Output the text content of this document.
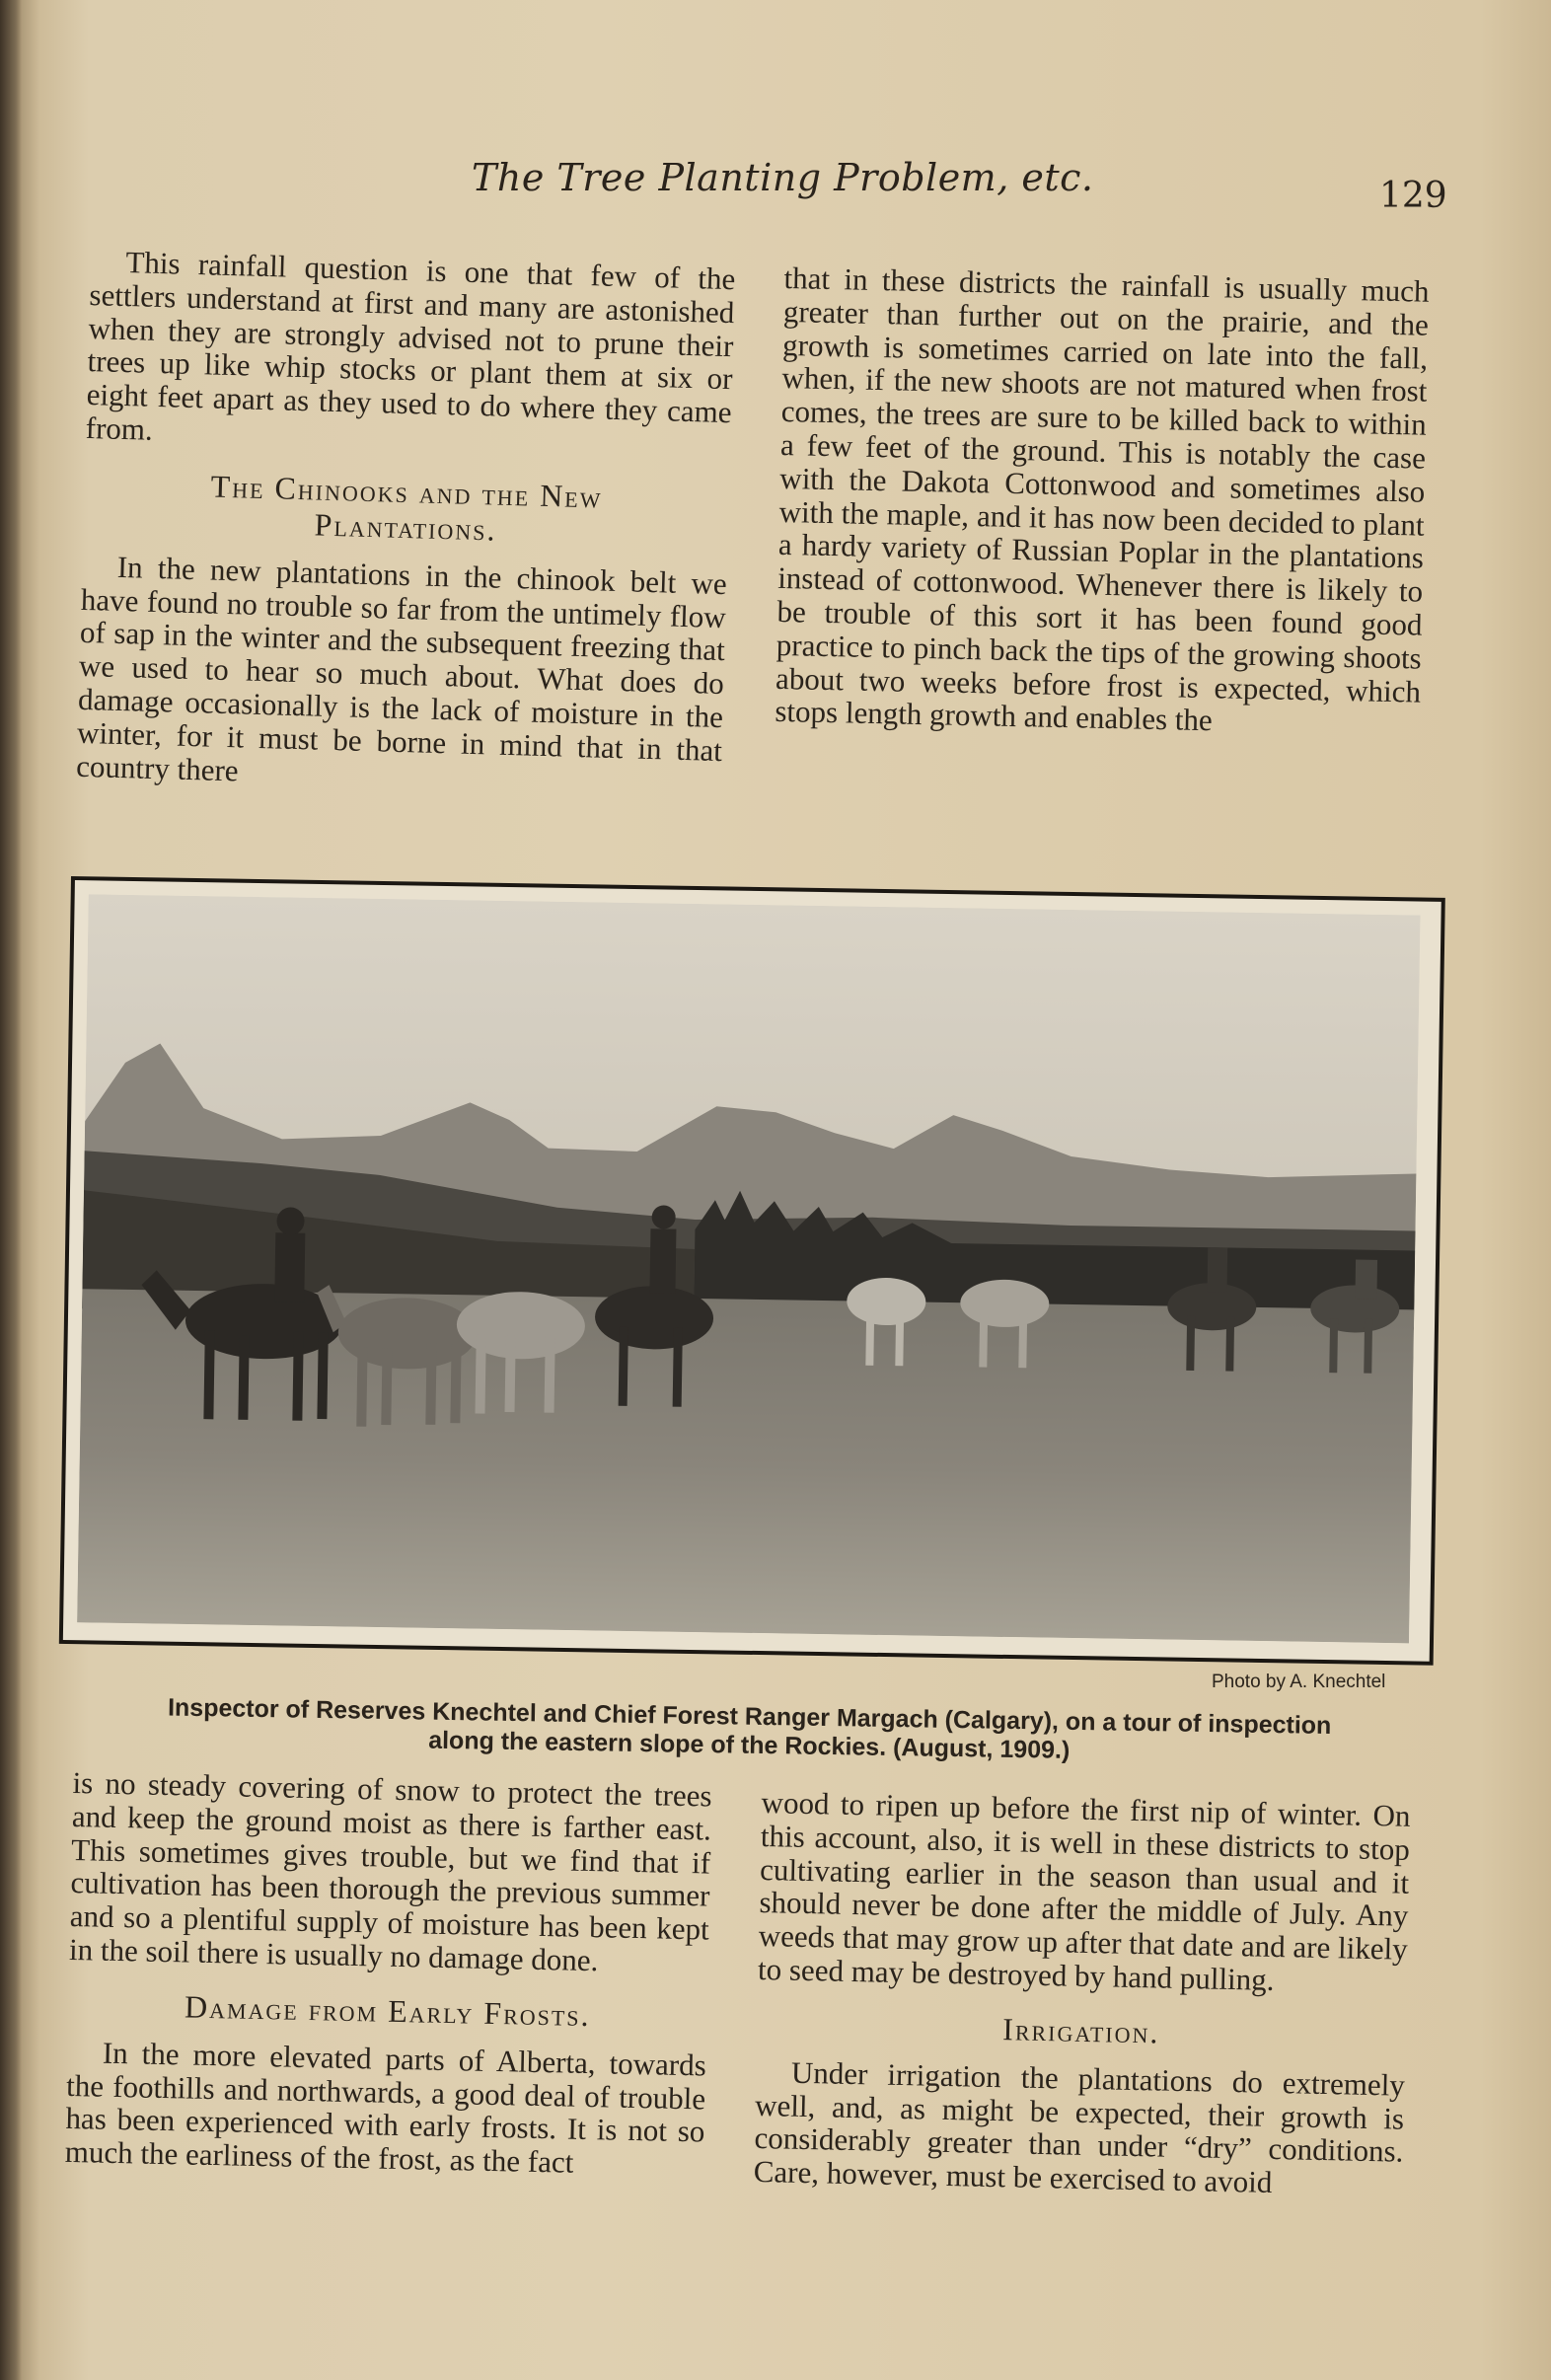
The Tree Planting Problem, etc.	129

This rainfall question is one that few of the settlers understand at first and many are astonished when they are strongly advised not to prune their trees up like whip stocks or plant them at six or eight feet apart as they used to do where they came from.

The Chinooks and the New
Plantations.

In the new plantations in the chinook belt we have found no trouble so far from the untimely flow of sap in the winter and the subsequent freezing that we used to hear so much about. What does do damage occasionally is the lack of moisture in the winter, for it must be borne in mind that in that country there

that in these districts the rainfall is usually much greater than further out on the prairie, and the growth is sometimes carried on late into the fall, when, if the new shoots are not matured when frost comes, the trees are sure to be killed back to within a few feet of the ground. This is notably the case with the Dakota Cottonwood and sometimes also with the maple, and it has now been decided to plant a hardy variety of Russian Poplar in the plantations instead of cottonwood. Whenever there is likely to be trouble of this sort it has been found good practice to pinch back the tips of the growing shoots about two weeks before frost is expected, which stops length growth and enables the

Photo by A. Knechtel
Inspector of Reserves Knechtel and Chief Forest Ranger Margach (Calgary), on a tour of inspection along the eastern slope of the Rockies. (August, 1909.)

is no steady covering of snow to protect the trees and keep the ground moist as there is farther east. This sometimes gives trouble, but we find that if cultivation has been thorough the previous summer and so a plentiful supply of moisture has been kept in the soil there is usually no damage done.

Damage from Early Frosts.

In the more elevated parts of Alberta, towards the foothills and northwards, a good deal of trouble has been experienced with early frosts. It is not so much the earliness of the frost, as the fact

wood to ripen up before the first nip of winter. On this account, also, it is well in these districts to stop cultivating earlier in the season than usual and it should never be done after the middle of July. Any weeds that may grow up after that date and are likely to seed may be destroyed by hand pulling.

Irrigation.

Under irrigation the plantations do extremely well, and, as might be expected, their growth is considerably greater than under “dry” conditions. Care, however, must be exercised to avoid
